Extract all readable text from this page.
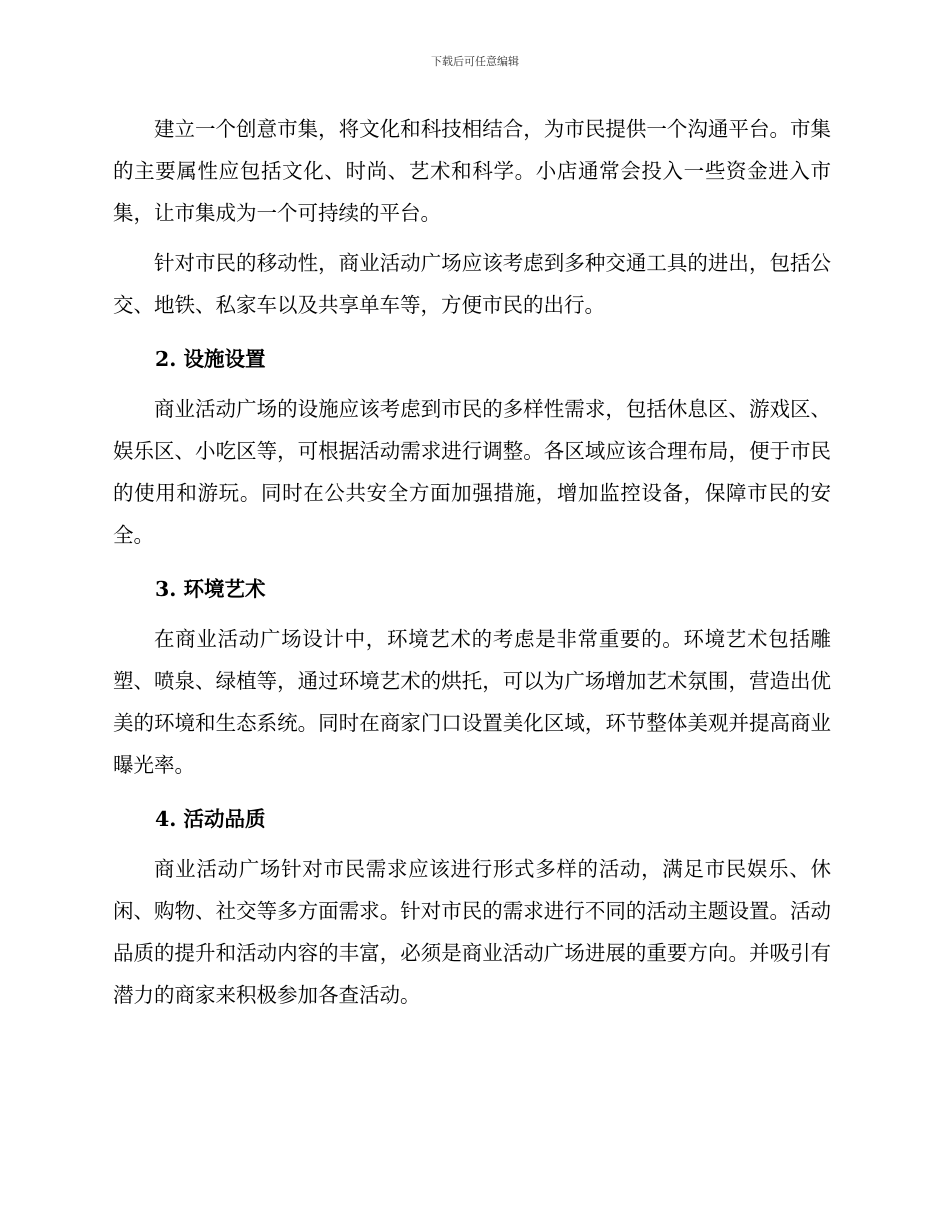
下载后可任意编辑

建立一个创意市集，将文化和科技相结合，为市民提供一个沟通平台。市集的主要属性应包括文化、时尚、艺术和科学。小店通常会投入一些资金进入市集，让市集成为一个可持续的平台。

针对市民的移动性，商业活动广场应该考虑到多种交通工具的进出，包括公交、地铁、私家车以及共享单车等，方便市民的出行。

2. 设施设置

商业活动广场的设施应该考虑到市民的多样性需求，包括休息区、游戏区、娱乐区、小吃区等，可根据活动需求进行调整。各区域应该合理布局，便于市民的使用和游玩。同时在公共安全方面加强措施，增加监控设备，保障市民的安全。

3. 环境艺术

在商业活动广场设计中，环境艺术的考虑是非常重要的。环境艺术包括雕塑、喷泉、绿植等，通过环境艺术的烘托，可以为广场增加艺术氛围，营造出优美的环境和生态系统。同时在商家门口设置美化区域，环节整体美观并提高商业曝光率。

4. 活动品质

商业活动广场针对市民需求应该进行形式多样的活动，满足市民娱乐、休闲、购物、社交等多方面需求。针对市民的需求进行不同的活动主题设置。活动品质的提升和活动内容的丰富，必须是商业活动广场进展的重要方向。并吸引有潜力的商家来积极参加各查活动。
